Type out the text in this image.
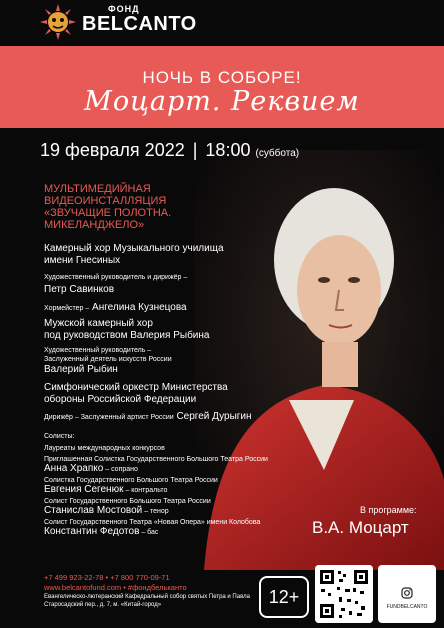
ФОНД
BELCANTO
НОЧЬ В СОБОРЕ!
Моцарт. Реквием
19 февраля 2022 | 18:00 (суббота)
МУЛЬТИМЕДИЙНАЯ
ВИДЕОИНСТАЛЛЯЦИЯ
«ЗВУЧАЩИЕ ПОЛОТНА.
МИКЕЛАНДЖЕЛО»
Камерный хор Музыкального училища
имени Гнесиных
Художественный руководитель и дирижёр –
Петр Савинков
Хормейстер – Ангелина Кузнецова
Мужской камерный хор
под руководством Валерия Рыбина
Художественный руководитель –
Заслуженный деятель искусств России
Валерий Рыбин
Симфонический оркестр Министерства
обороны Российской Федерации
Дирижёр – Заслуженный артист России Сергей Дурыгин
Солисты:
Лауреаты международных конкурсов
Приглашенная Солистка Государственного Большого Театра России
Анна Храпко – сопрано
Солистка Государственного Большого Театра России
Евгения Сегенюк – контральто
Солист Государственного Большого Театра России
Станислав Мостовой – тенор
Солист Государственного Театра «Новая Опера» имени Колобова
Константин Федотов – бас
В программе:
В.А. Моцарт
+7 499 923-22-78 • +7 800 770-09-71
www.belcantofund.com • #фондбельканто
Евангелическо-лютеранский Кафедральный собор святых Петра и Павла
Старосадский пер., д. 7, м. «Китай-город»	12+	FUNDBELCANTO
